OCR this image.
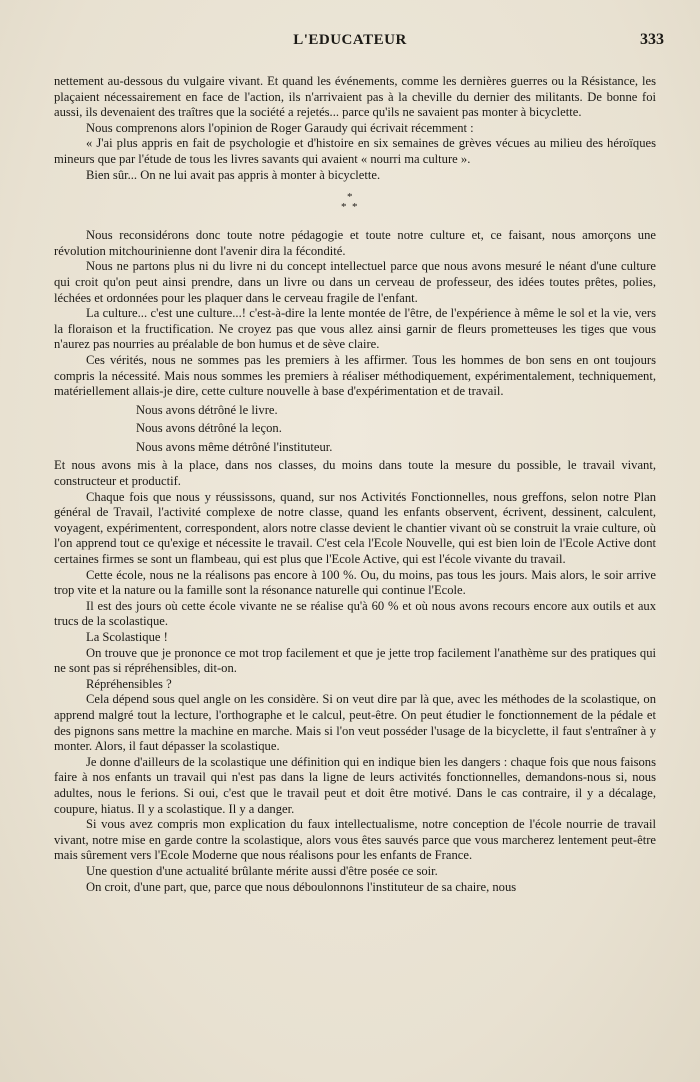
L'EDUCATEUR	333

nettement au-dessous du vulgaire vivant. Et quand les événements, comme les dernières guerres ou la Résistance, les plaçaient nécessairement en face de l'action, ils n'arrivaient pas à la cheville du dernier des militants. De bonne foi aussi, ils devenaient des traîtres que la société a rejetés... parce qu'ils ne savaient pas monter à bicyclette.

Nous comprenons alors l'opinion de Roger Garaudy qui écrivait récemment :

« J'ai plus appris en fait de psychologie et d'histoire en six semaines de grèves vécues au milieu des héroïques mineurs que par l'étude de tous les livres savants qui avaient « nourri ma culture ».

Bien sûr... On ne lui avait pas appris à monter à bicyclette.

*
* *

Nous reconsidérons donc toute notre pédagogie et toute notre culture et, ce faisant, nous amorçons une révolution mitchourinienne dont l'avenir dira la fécondité.

Nous ne partons plus ni du livre ni du concept intellectuel parce que nous avons mesuré le néant d'une culture qui croit qu'on peut ainsi prendre, dans un livre ou dans un cerveau de professeur, des idées toutes prêtes, polies, léchées et ordonnées pour les plaquer dans le cerveau fragile de l'enfant.

La culture... c'est une culture...! c'est-à-dire la lente montée de l'être, de l'expérience à même le sol et la vie, vers la floraison et la fructification. Ne croyez pas que vous allez ainsi garnir de fleurs prometteuses les tiges que vous n'aurez pas nourries au préalable de bon humus et de sève claire.

Ces vérités, nous ne sommes pas les premiers à les affirmer. Tous les hommes de bon sens en ont toujours compris la nécessité. Mais nous sommes les premiers à réaliser méthodiquement, expérimentalement, techniquement, matériellement allais-je dire, cette culture nouvelle à base d'expérimentation et de travail.

Nous avons détrôné le livre.

Nous avons détrôné la leçon.

Nous avons même détrôné l'instituteur.

Et nous avons mis à la place, dans nos classes, du moins dans toute la mesure du possible, le travail vivant, constructeur et productif.

Chaque fois que nous y réussissons, quand, sur nos Activités Fonctionnelles, nous greffons, selon notre Plan général de Travail, l'activité complexe de notre classe, quand les enfants observent, écrivent, dessinent, calculent, voyagent, expérimentent, correspondent, alors notre classe devient le chantier vivant où se construit la vraie culture, où l'on apprend tout ce qu'exige et nécessite le travail. C'est cela l'Ecole Nouvelle, qui est bien loin de l'Ecole Active dont certaines firmes se sont un flambeau, qui est plus que l'Ecole Active, qui est l'école vivante du travail.

Cette école, nous ne la réalisons pas encore à 100 %. Ou, du moins, pas tous les jours. Mais alors, le soir arrive trop vite et la nature ou la famille sont la résonance naturelle qui continue l'Ecole.

Il est des jours où cette école vivante ne se réalise qu'à 60 % et où nous avons recours encore aux outils et aux trucs de la scolastique.

La Scolastique !

On trouve que je prononce ce mot trop facilement et que je jette trop facilement l'anathème sur des pratiques qui ne sont pas si répréhensibles, dit-on.

Répréhensibles ?

Cela dépend sous quel angle on les considère. Si on veut dire par là que, avec les méthodes de la scolastique, on apprend malgré tout la lecture, l'orthographe et le calcul, peut-être. On peut étudier le fonctionnement de la pédale et des pignons sans mettre la machine en marche. Mais si l'on veut posséder l'usage de la bicyclette, il faut s'entraîner à y monter. Alors, il faut dépasser la scolastique.

Je donne d'ailleurs de la scolastique une définition qui en indique bien les dangers : chaque fois que nous faisons faire à nos enfants un travail qui n'est pas dans la ligne de leurs activités fonctionnelles, demandons-nous si, nous adultes, nous le ferions. Si oui, c'est que le travail peut et doit être motivé. Dans le cas contraire, il y a décalage, coupure, hiatus. Il y a scolastique. Il y a danger.

Si vous avez compris mon explication du faux intellectualisme, notre conception de l'école nourrie de travail vivant, notre mise en garde contre la scolastique, alors vous êtes sauvés parce que vous marcherez lentement peut-être mais sûrement vers l'Ecole Moderne que nous réalisons pour les enfants de France.

Une question d'une actualité brûlante mérite aussi d'être posée ce soir.

On croit, d'une part, que, parce que nous déboulonnons l'instituteur de sa chaire, nous
